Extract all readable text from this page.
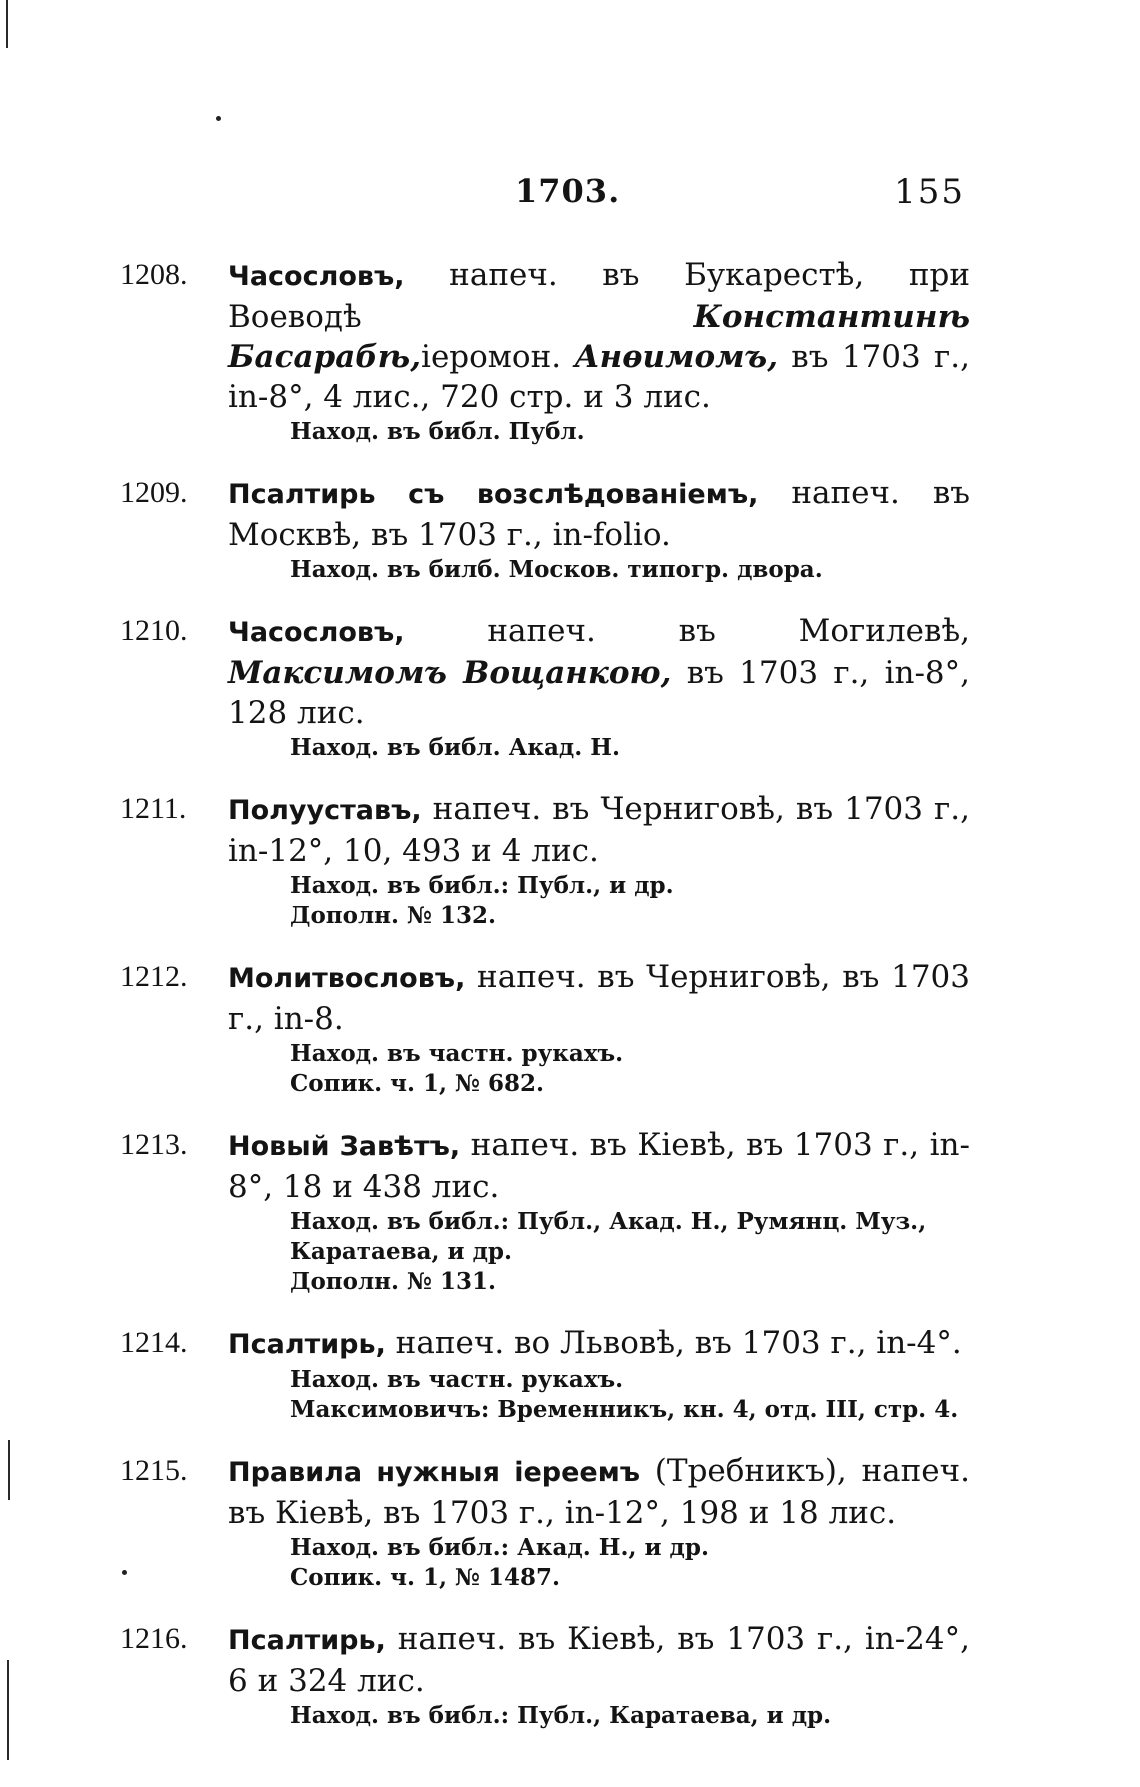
1703.	155
1208.	Часословъ, напеч. въ Букарестѣ, при Воеводѣ Константинѣ Басарабѣ,іеромон. Анѳимомъ, въ 1703 г., in-8°, 4 лис., 720 стр. и 3 лис.
Наход. въ библ. Публ.
1209.	Псалтирь съ возслѣдованіемъ, напеч. въ Москвѣ, въ 1703 г., in-folio.
Наход. въ билб. Москов. типогр. двора.
1210.	Часословъ, напеч. въ Могилевѣ, Максимомъ Вощанкою, въ 1703 г., in-8°, 128 лис.
Наход. въ библ. Акад. Н.
1211.	Полууставъ, напеч. въ Черниговѣ, въ 1703 г., in-12°, 10, 493 и 4 лис.
Наход. въ библ.: Публ., и др.
Дополн. № 132.
1212.	Молитвословъ, напеч. въ Черниговѣ, въ 1703 г., in-8.
Наход. въ частн. рукахъ.
Сопик. ч. 1, № 682.
1213.	Новый Завѣтъ, напеч. въ Кіевѣ, въ 1703 г., in-8°, 18 и 438 лис.
Наход. въ библ.: Публ., Акад. Н., Румянц. Муз., Каратаева, и др.
Дополн. № 131.
1214.	Псалтирь, напеч. во Львовѣ, въ 1703 г., in-4°.
Наход. въ частн. рукахъ.
Максимовичъ: Временникъ, кн. 4, отд. III, стр. 4.
1215.	Правила нужныя іереемъ (Требникъ), напеч. въ Кіевѣ, въ 1703 г., in-12°, 198 и 18 лис.
Наход. въ библ.: Акад. Н., и др.
Сопик. ч. 1, № 1487.
1216.	Псалтирь, напеч. въ Кіевѣ, въ 1703 г., in-24°, 6 и 324 лис.
Наход. въ библ.: Публ., Каратаева, и др.
